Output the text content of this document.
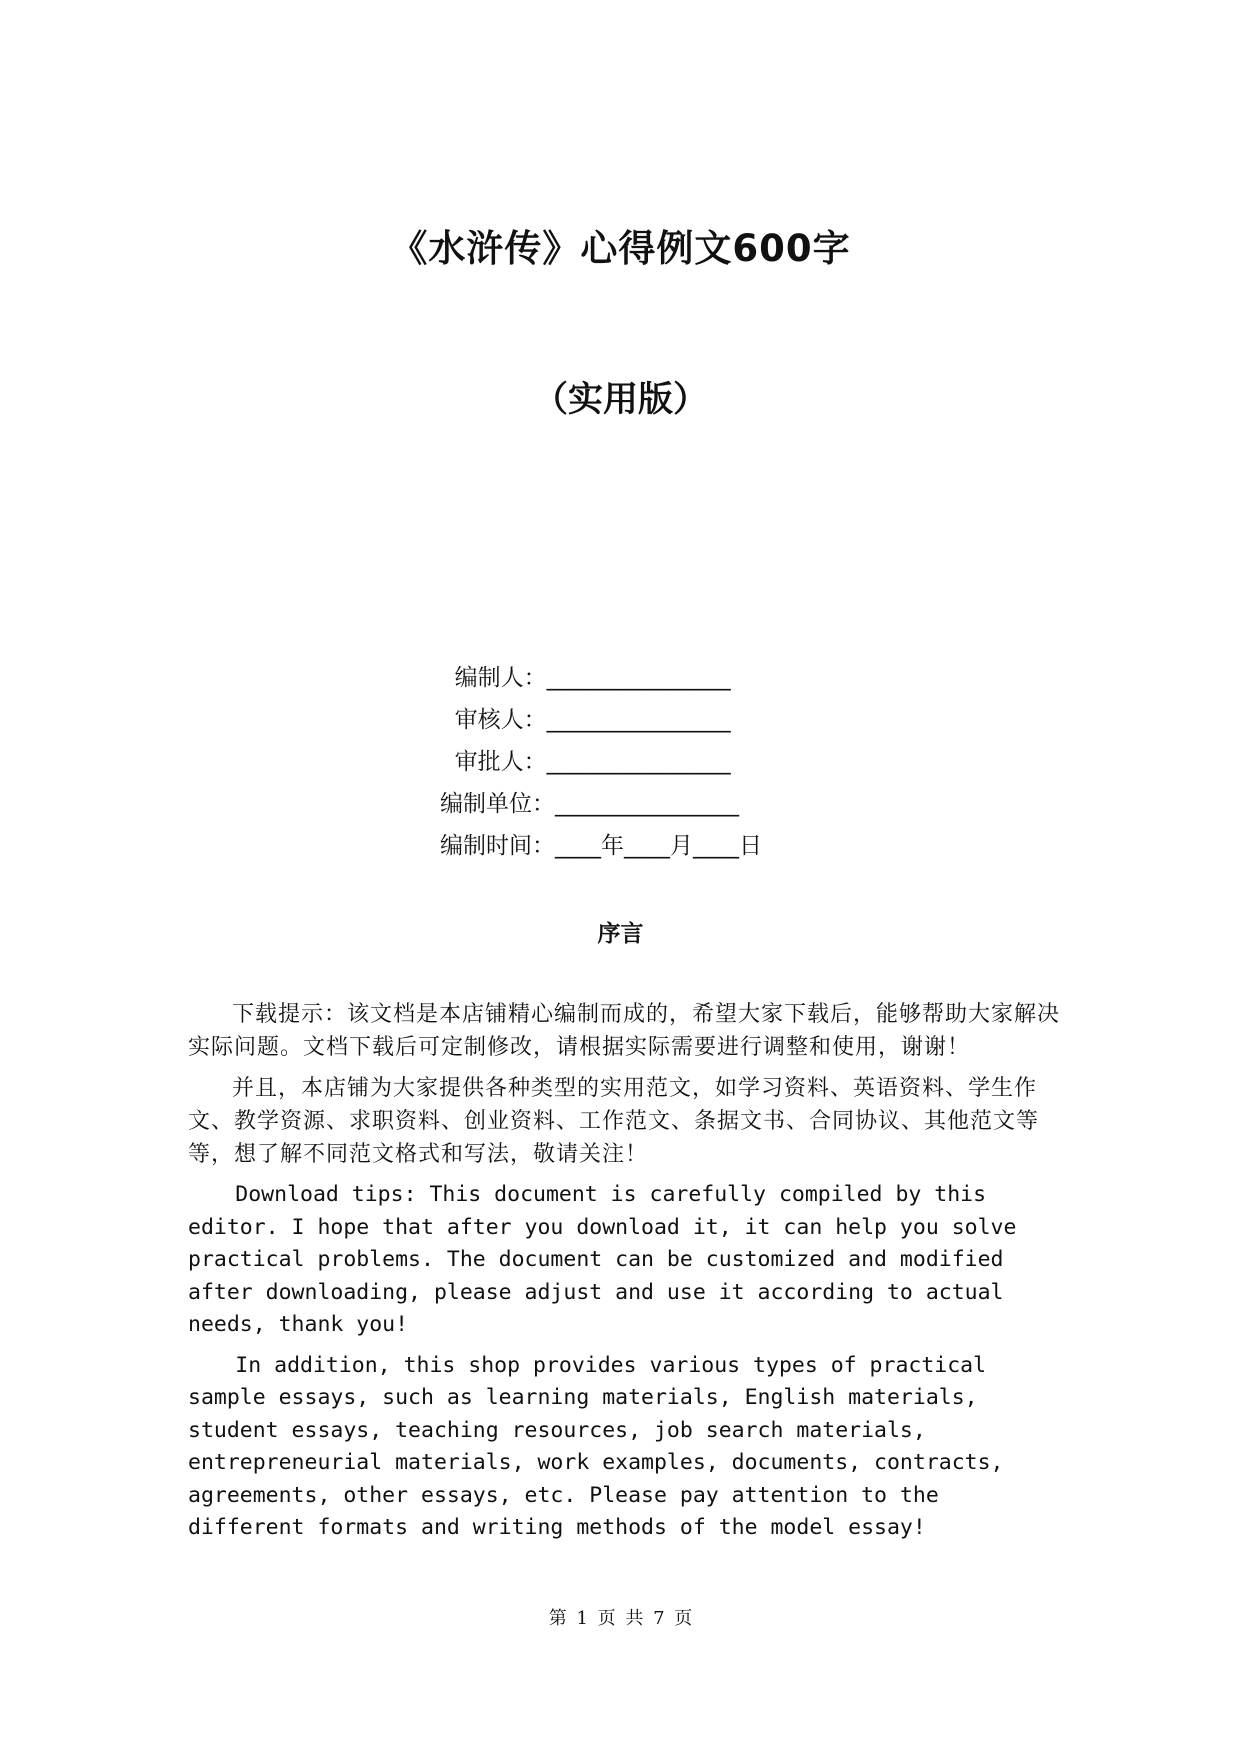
《水浒传》心得例文600字
（实用版）
编制人：________________
审核人：________________
审批人：________________
编制单位：________________
编制时间：____年____月____日
序言

下载提示：该文档是本店铺精心编制而成的，希望大家下载后，能够帮助大家解决实际问题。文档下载后可定制修改，请根据实际需要进行调整和使用，谢谢！

并且，本店铺为大家提供各种类型的实用范文，如学习资料、英语资料、学生作文、教学资源、求职资料、创业资料、工作范文、条据文书、合同协议、其他范文等等，想了解不同范文格式和写法，敬请关注！

Download tips: This document is carefully compiled by this editor. I hope that after you download it, it can help you solve practical problems. The document can be customized and modified after downloading, please adjust and use it according to actual needs, thank you!

In addition, this shop provides various types of practical sample essays, such as learning materials, English materials, student essays, teaching resources, job search materials, entrepreneurial materials, work examples, documents, contracts, agreements, other essays, etc. Please pay attention to the different formats and writing methods of the model essay!

第 1 页 共 7 页
